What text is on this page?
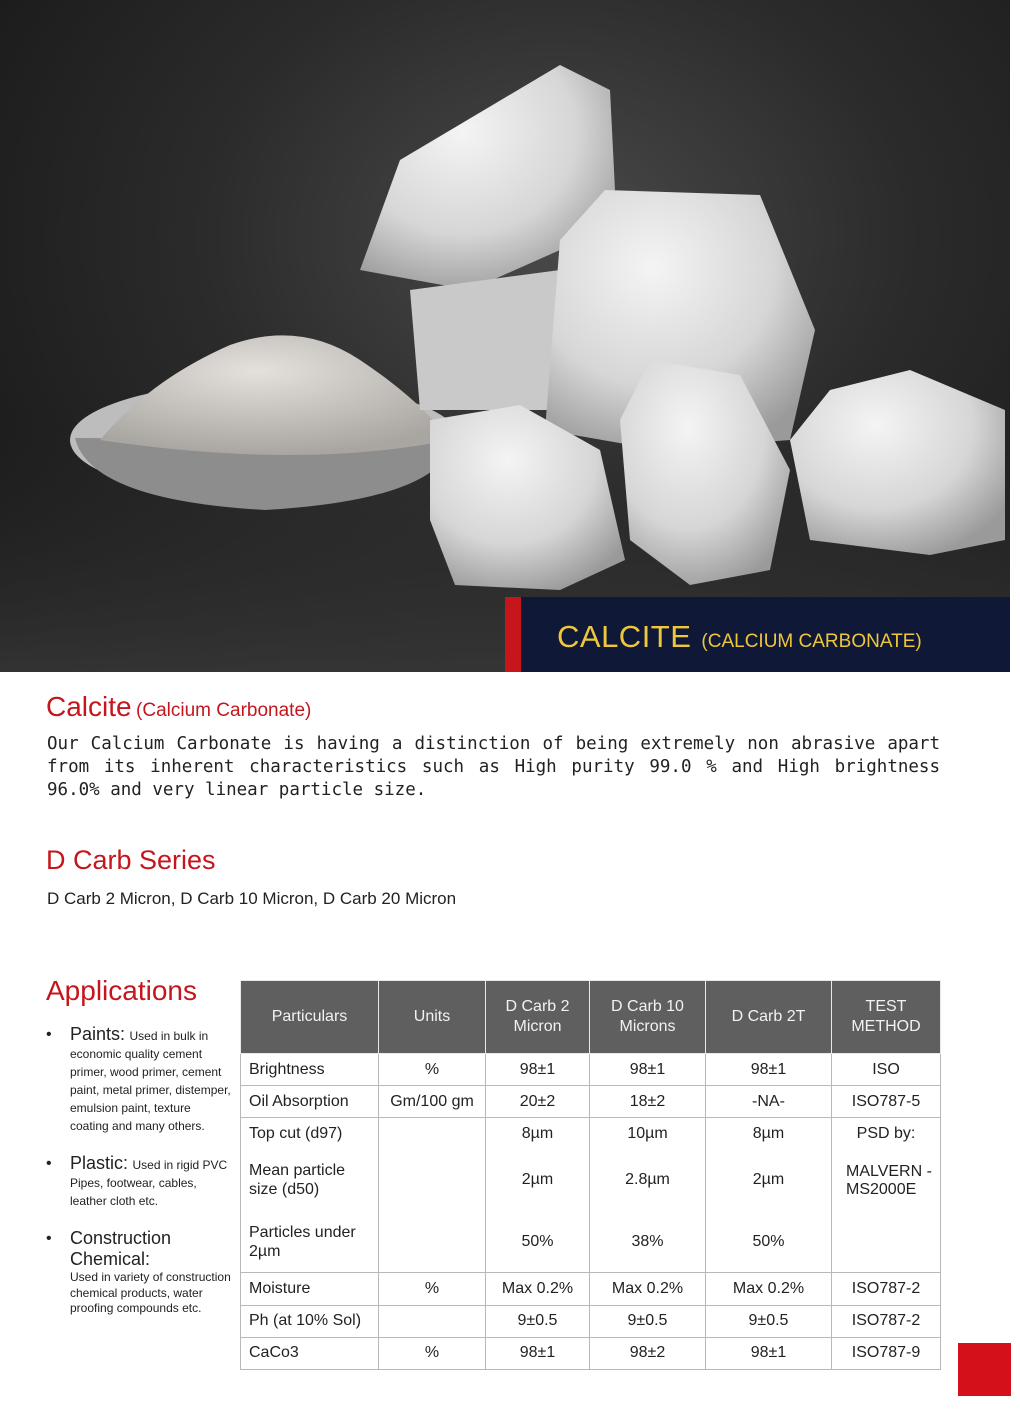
CALCITE (CALCIUM CARBONATE)
Calcite (Calcium Carbonate)
Our Calcium Carbonate is having a distinction of being extremely non abrasive apart from its inherent characteristics such as High purity 99.0 % and High brightness 96.0% and very linear particle size.
D Carb Series
D Carb 2 Micron, D Carb 10 Micron, D Carb 20 Micron
Applications
• Paints: Used in bulk in economic quality cement primer, wood primer, cement paint, metal primer, distemper, emulsion paint, texture coating and many others.
• Plastic: Used in rigid PVC Pipes, footwear, cables, leather cloth etc.
• Construction Chemical:
Used in variety of construction chemical products, water proofing compounds etc.
Particulars	Units	D Carb 2 Micron	D Carb 10 Microns	D Carb 2T	TEST METHOD
Brightness	%	98±1	98±1	98±1	ISO
Oil Absorption	Gm/100 gm	20±2	18±2	-NA-	ISO787-5
Top cut (d97)		8µm	10µm	8µm	PSD by:
Mean particle size (d50)		2µm	2.8µm	2µm	MALVERN - MS2000E
Particles under 2µm		50%	38%	50%	
Moisture	%	Max 0.2%	Max 0.2%	Max 0.2%	ISO787-2
Ph (at 10% Sol)		9±0.5	9±0.5	9±0.5	ISO787-2
CaCo3	%	98±1	98±2	98±1	ISO787-9
